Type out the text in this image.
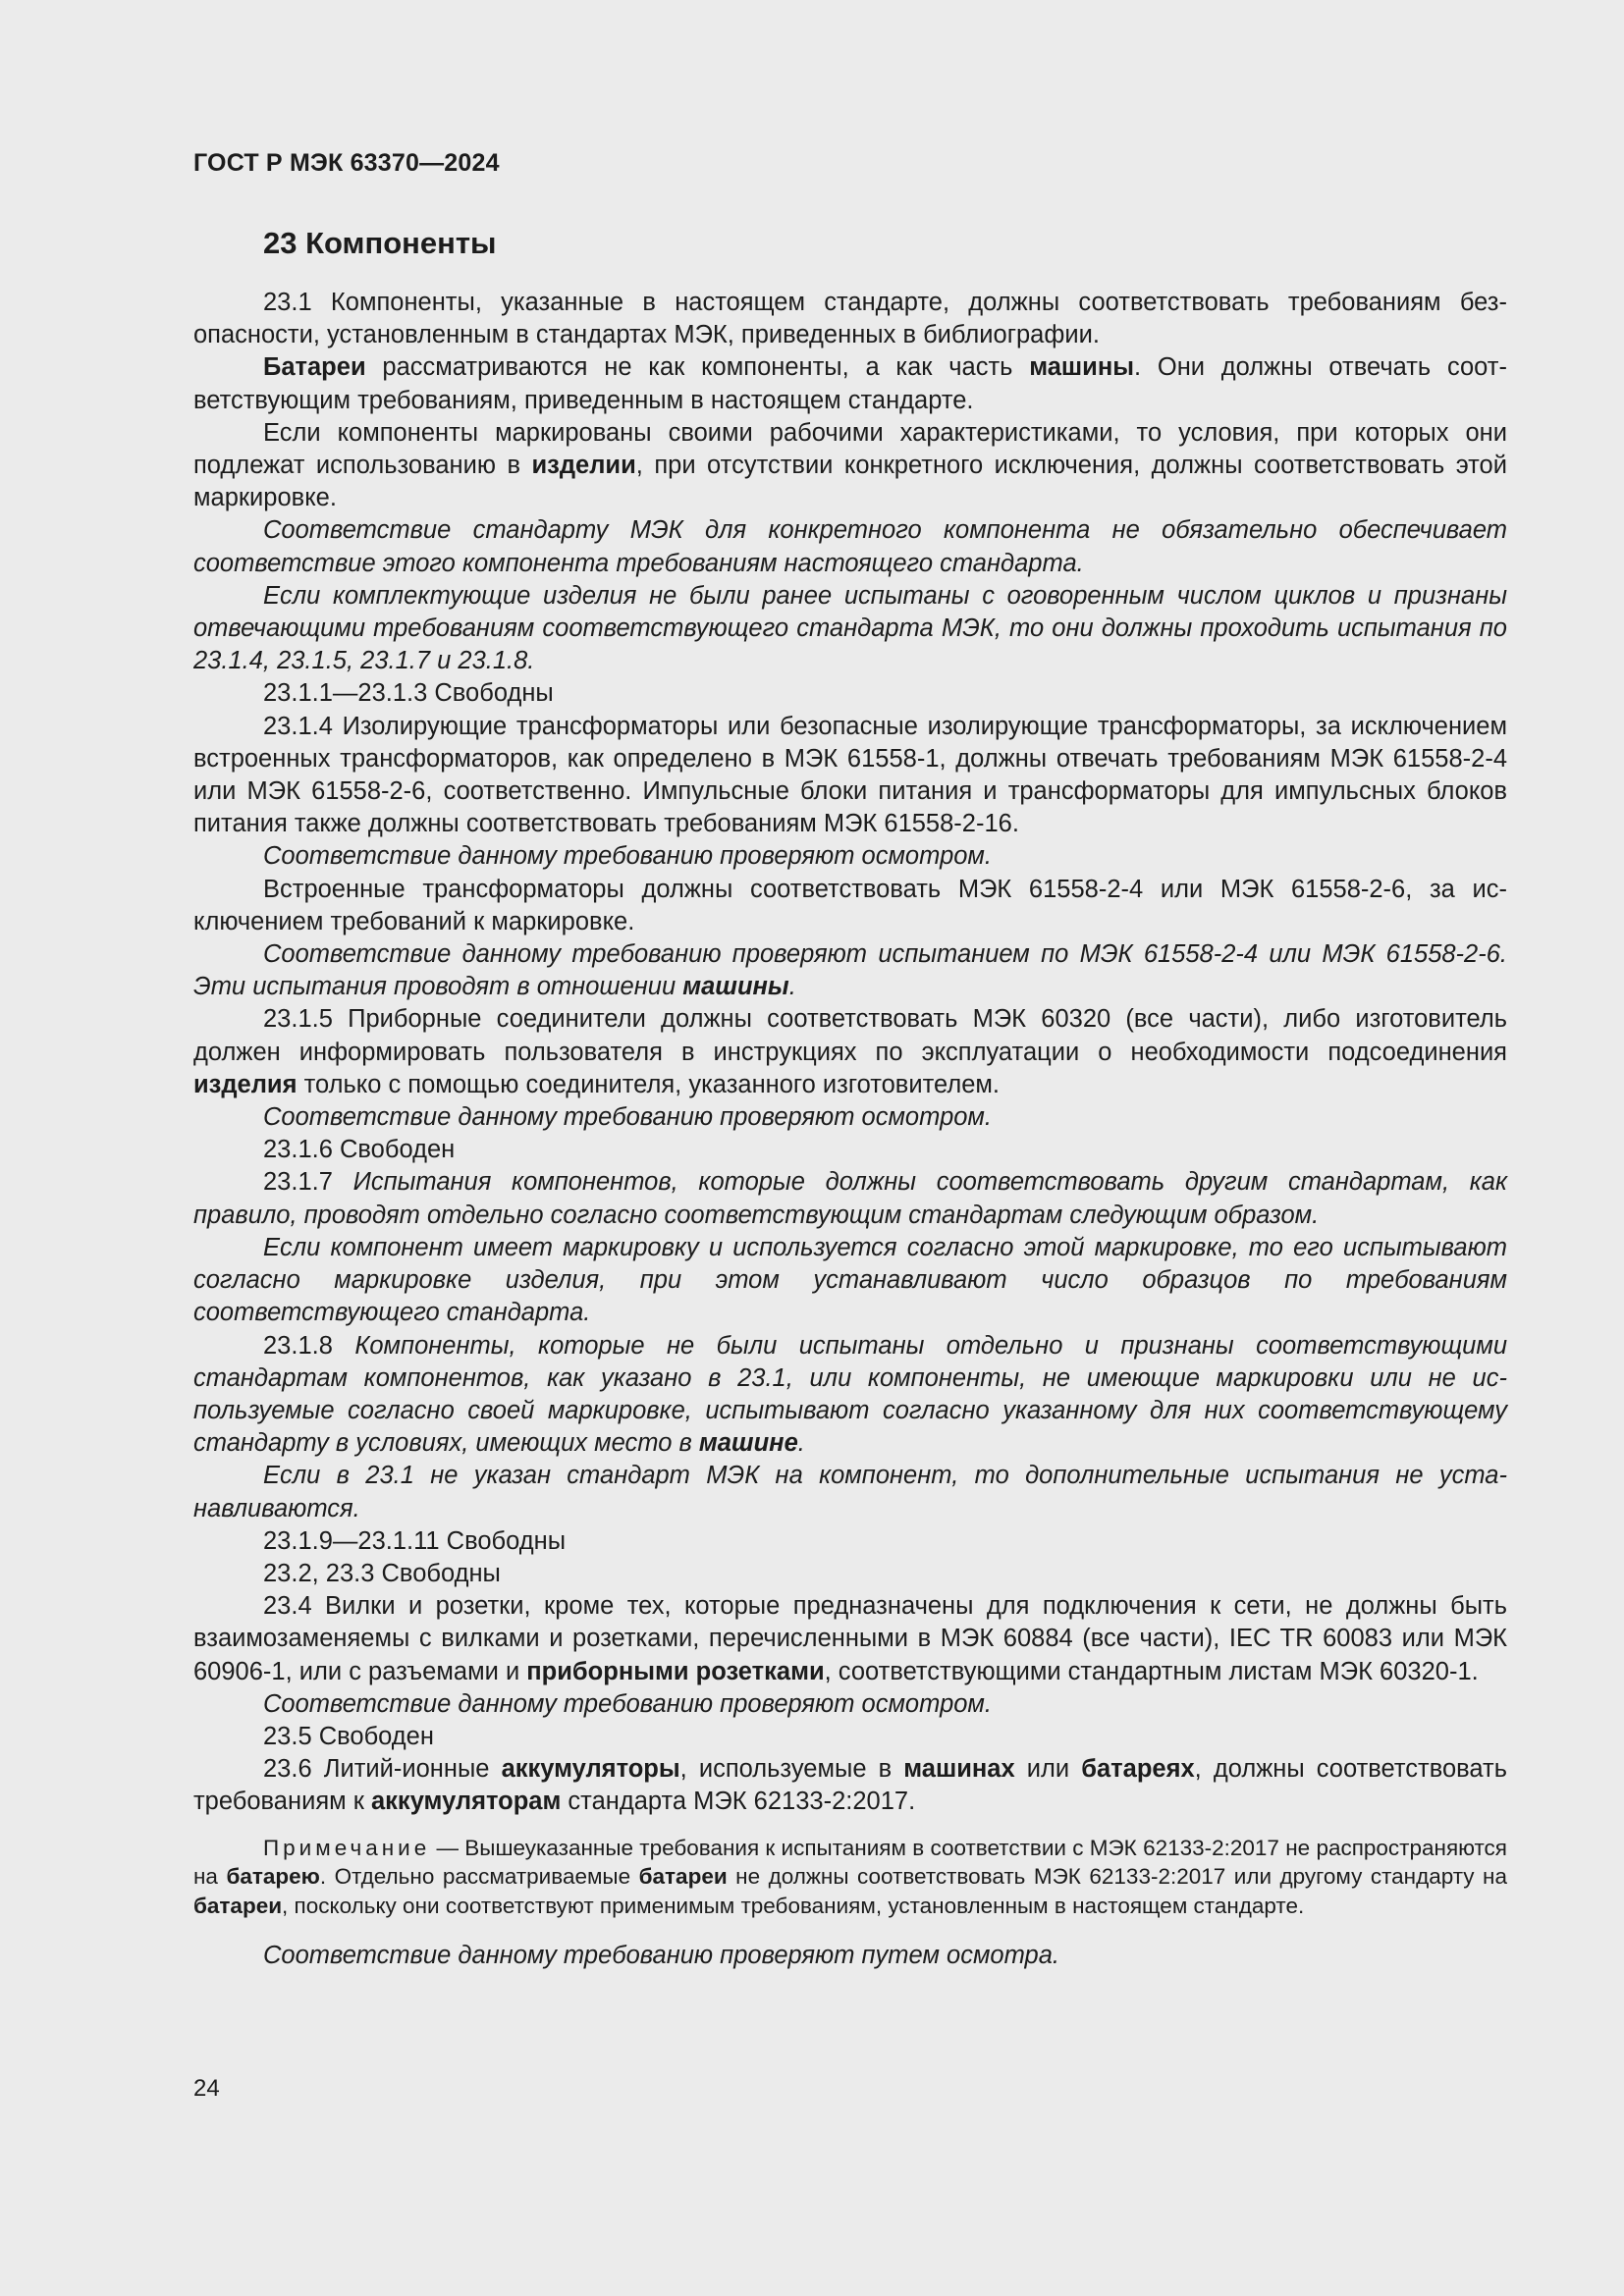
ГОСТ Р МЭК 63370—2024
23 Компоненты

23.1 Компоненты, указанные в настоящем стандарте, должны соответствовать требованиям безопасности, установленным в стандартах МЭК, приведенных в библиографии.

Батареи рассматриваются не как компоненты, а как часть машины. Они должны отвечать соответствующим требованиям, приведенным в настоящем стандарте.

Если компоненты маркированы своими рабочими характеристиками, то условия, при которых они подлежат использованию в изделии, при отсутствии конкретного исключения, должны соответствовать этой маркировке.

Соответствие стандарту МЭК для конкретного компонента не обязательно обеспечивает соответствие этого компонента требованиям настоящего стандарта.

Если комплектующие изделия не были ранее испытаны с оговоренным числом циклов и признаны отвечающими требованиям соответствующего стандарта МЭК, то они должны проходить испытания по 23.1.4, 23.1.5, 23.1.7 и 23.1.8.

23.1.1—23.1.3 Свободны

23.1.4 Изолирующие трансформаторы или безопасные изолирующие трансформаторы, за исключением встроенных трансформаторов, как определено в МЭК 61558-1, должны отвечать требованиям МЭК 61558-2-4 или МЭК 61558-2-6, соответственно. Импульсные блоки питания и трансформаторы для импульсных блоков питания также должны соответствовать требованиям МЭК 61558-2-16.

Соответствие данному требованию проверяют осмотром.

Встроенные трансформаторы должны соответствовать МЭК 61558-2-4 или МЭК 61558-2-6, за исключением требований к маркировке.

Соответствие данному требованию проверяют испытанием по МЭК 61558-2-4 или МЭК 61558-2-6. Эти испытания проводят в отношении машины.

23.1.5 Приборные соединители должны соответствовать МЭК 60320 (все части), либо изготовитель должен информировать пользователя в инструкциях по эксплуатации о необходимости подсоединения изделия только с помощью соединителя, указанного изготовителем.

Соответствие данному требованию проверяют осмотром.

23.1.6 Свободен

23.1.7 Испытания компонентов, которые должны соответствовать другим стандартам, как правило, проводят отдельно согласно соответствующим стандартам следующим образом.

Если компонент имеет маркировку и используется согласно этой маркировке, то его испытывают согласно маркировке изделия, при этом устанавливают число образцов по требованиям соответствующего стандарта.

23.1.8 Компоненты, которые не были испытаны отдельно и признаны соответствующими стандартам компонентов, как указано в 23.1, или компоненты, не имеющие маркировки или не используемые согласно своей маркировке, испытывают согласно указанному для них соответствующему стандарту в условиях, имеющих место в машине.

Если в 23.1 не указан стандарт МЭК на компонент, то дополнительные испытания не устанавливаются.

23.1.9—23.1.11 Свободны

23.2, 23.3 Свободны

23.4 Вилки и розетки, кроме тех, которые предназначены для подключения к сети, не должны быть взаимозаменяемы с вилками и розетками, перечисленными в МЭК 60884 (все части), IEC TR 60083 или МЭК 60906-1, или с разъемами и приборными розетками, соответствующими стандартным листам МЭК 60320-1.

Соответствие данному требованию проверяют осмотром.

23.5 Свободен

23.6 Литий-ионные аккумуляторы, используемые в машинах или батареях, должны соответствовать требованиям к аккумуляторам стандарта МЭК 62133-2:2017.

Примечание — Вышеуказанные требования к испытаниям в соответствии с МЭК 62133-2:2017 не распространяются на батарею. Отдельно рассматриваемые батареи не должны соответствовать МЭК 62133-2:2017 или другому стандарту на батареи, поскольку они соответствуют применимым требованиям, установленным в настоящем стандарте.

Соответствие данному требованию проверяют путем осмотра.

24
